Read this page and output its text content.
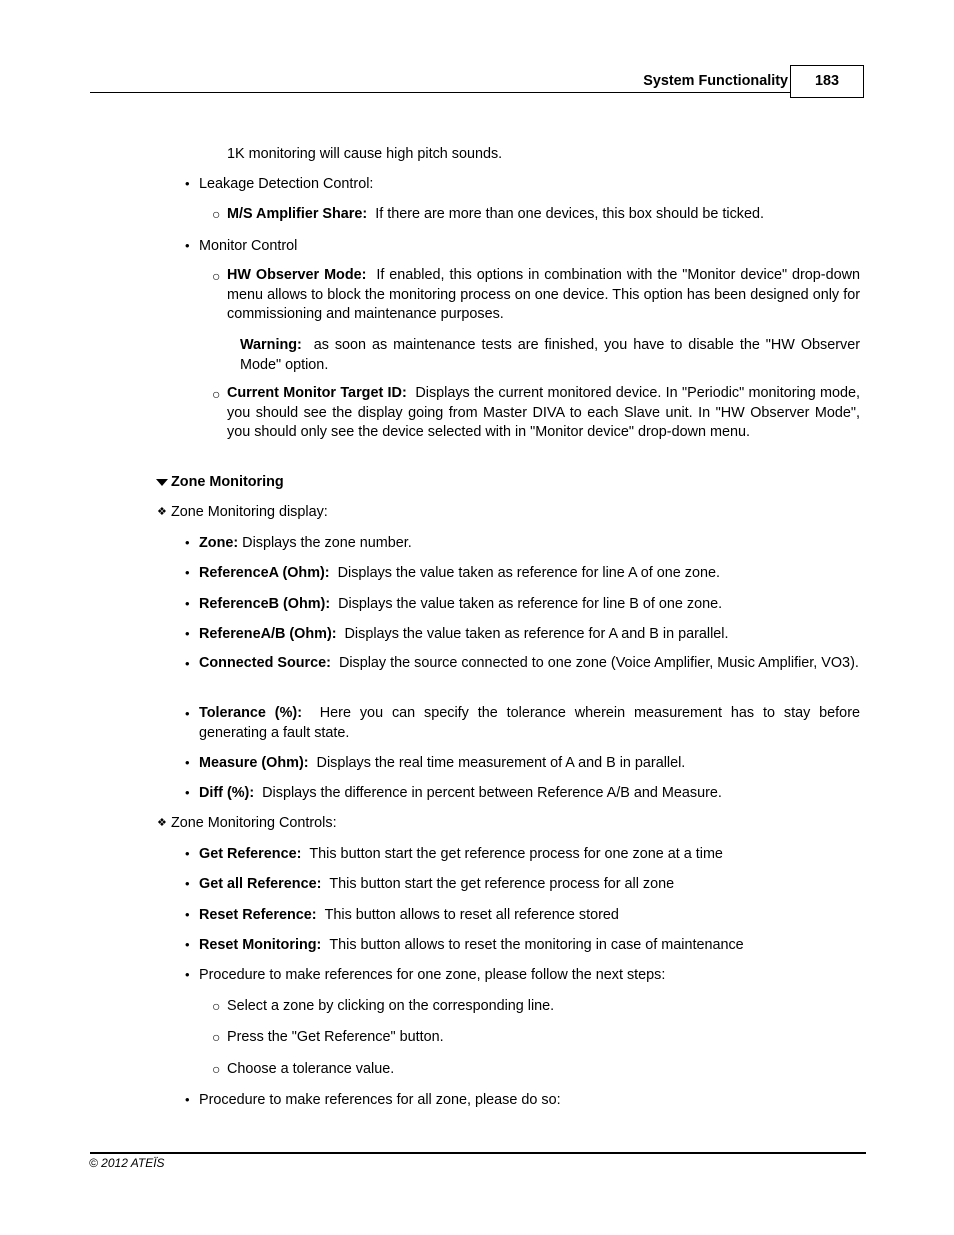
System Functionality	183
1K monitoring will cause high pitch sounds.
• Leakage Detection Control:
○ M/S Amplifier Share: If there are more than one devices, this box should be ticked.
• Monitor Control
○ HW Observer Mode: If enabled, this options in combination with the "Monitor device" drop-down menu allows to block the monitoring process on one device. This option has been designed only for commissioning and maintenance purposes.
Warning: as soon as maintenance tests are finished, you have to disable the "HW Observer Mode" option.
○ Current Monitor Target ID: Displays the current monitored device. In "Periodic" monitoring mode, you should see the display going from Master DIVA to each Slave unit. In "HW Observer Mode", you should only see the device selected with in "Monitor device" drop-down menu.
Zone Monitoring
❖ Zone Monitoring display:
• Zone: Displays the zone number.
• ReferenceA (Ohm): Displays the value taken as reference for line A of one zone.
• ReferenceB (Ohm): Displays the value taken as reference for line B of one zone.
• RefereneA/B (Ohm): Displays the value taken as reference for A and B in parallel.
• Connected Source: Display the source connected to one zone (Voice Amplifier, Music Amplifier, VO3).
• Tolerance (%): Here you can specify the tolerance wherein measurement has to stay before generating a fault state.
• Measure (Ohm): Displays the real time measurement of A and B in parallel.
• Diff (%): Displays the difference in percent between Reference A/B and Measure.
❖ Zone Monitoring Controls:
• Get Reference: This button start the get reference process for one zone at a time
• Get all Reference: This button start the get reference process for all zone
• Reset Reference: This button allows to reset all reference stored
• Reset Monitoring: This button allows to reset the monitoring in case of maintenance
• Procedure to make references for one zone, please follow the next steps:
○ Select a zone by clicking on the corresponding line.
○ Press the "Get Reference" button.
○ Choose a tolerance value.
• Procedure to make references for all zone, please do so:
© 2012 ATEÏS
